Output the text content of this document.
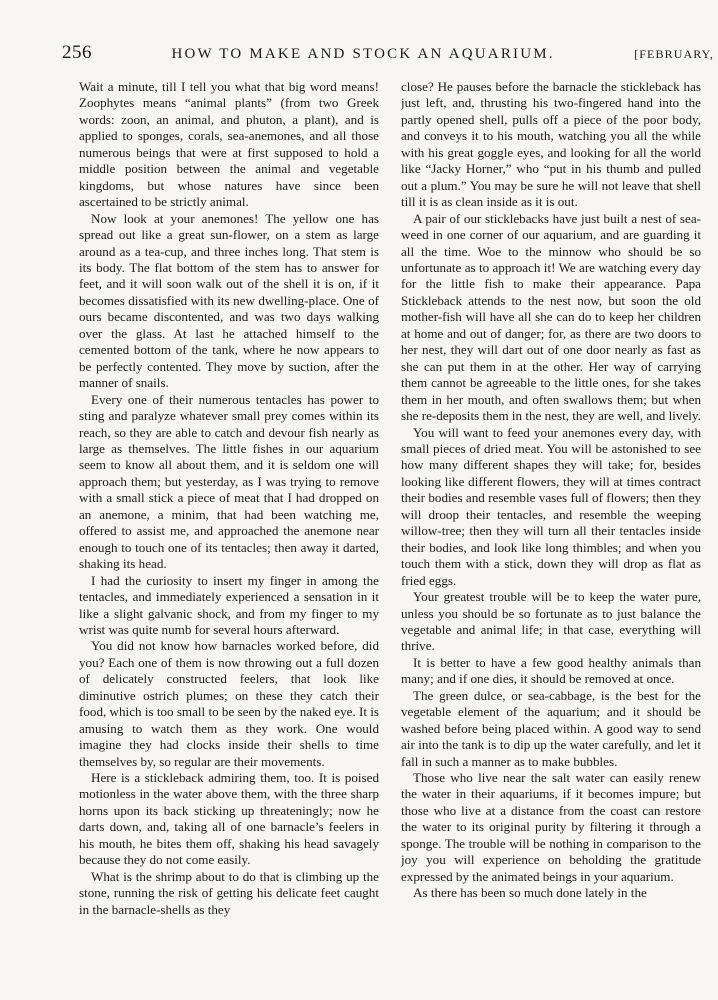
256	HOW TO MAKE AND STOCK AN AQUARIUM.	[FEBRUARY,

Wait a minute, till I tell you what that big word means! Zoophytes means “animal plants” (from two Greek words: zoon, an animal, and phuton, a plant), and is applied to sponges, corals, sea-anemones, and all those numerous beings that were at first supposed to hold a middle position between the animal and vegetable kingdoms, but whose natures have since been ascertained to be strictly animal.

Now look at your anemones! The yellow one has spread out like a great sun-flower, on a stem as large around as a tea-cup, and three inches long. That stem is its body. The flat bottom of the stem has to answer for feet, and it will soon walk out of the shell it is on, if it becomes dissatisfied with its new dwelling-place. One of ours became discontented, and was two days walking over the glass. At last he attached himself to the cemented bottom of the tank, where he now appears to be perfectly contented. They move by suction, after the manner of snails.

Every one of their numerous tentacles has power to sting and paralyze whatever small prey comes within its reach, so they are able to catch and devour fish nearly as large as themselves. The little fishes in our aquarium seem to know all about them, and it is seldom one will approach them; but yesterday, as I was trying to remove with a small stick a piece of meat that I had dropped on an anemone, a minim, that had been watching me, offered to assist me, and approached the anemone near enough to touch one of its tentacles; then away it darted, shaking its head.

I had the curiosity to insert my finger in among the tentacles, and immediately experienced a sensation in it like a slight galvanic shock, and from my finger to my wrist was quite numb for several hours afterward.

You did not know how barnacles worked before, did you? Each one of them is now throwing out a full dozen of delicately constructed feelers, that look like diminutive ostrich plumes; on these they catch their food, which is too small to be seen by the naked eye. It is amusing to watch them as they work. One would imagine they had clocks inside their shells to time themselves by, so regular are their movements.

Here is a stickleback admiring them, too. It is poised motionless in the water above them, with the three sharp horns upon its back sticking up threateningly; now he darts down, and, taking all of one barnacle’s feelers in his mouth, he bites them off, shaking his head savagely because they do not come easily.

What is the shrimp about to do that is climbing up the stone, running the risk of getting his delicate feet caught in the barnacle-shells as they

close? He pauses before the barnacle the stickleback has just left, and, thrusting his two-fingered hand into the partly opened shell, pulls off a piece of the poor body, and conveys it to his mouth, watching you all the while with his great goggle eyes, and looking for all the world like “Jacky Horner,” who “put in his thumb and pulled out a plum.” You may be sure he will not leave that shell till it is as clean inside as it is out.

A pair of our sticklebacks have just built a nest of sea-weed in one corner of our aquarium, and are guarding it all the time. Woe to the minnow who should be so unfortunate as to approach it! We are watching every day for the little fish to make their appearance. Papa Stickleback attends to the nest now, but soon the old mother-fish will have all she can do to keep her children at home and out of danger; for, as there are two doors to her nest, they will dart out of one door nearly as fast as she can put them in at the other. Her way of carrying them cannot be agreeable to the little ones, for she takes them in her mouth, and often swallows them; but when she re-deposits them in the nest, they are well, and lively.

You will want to feed your anemones every day, with small pieces of dried meat. You will be astonished to see how many different shapes they will take; for, besides looking like different flowers, they will at times contract their bodies and resemble vases full of flowers; then they will droop their tentacles, and resemble the weeping willow-tree; then they will turn all their tentacles inside their bodies, and look like long thimbles; and when you touch them with a stick, down they will drop as flat as fried eggs.

Your greatest trouble will be to keep the water pure, unless you should be so fortunate as to just balance the vegetable and animal life; in that case, everything will thrive.

It is better to have a few good healthy animals than many; and if one dies, it should be removed at once.

The green dulce, or sea-cabbage, is the best for the vegetable element of the aquarium; and it should be washed before being placed within. A good way to send air into the tank is to dip up the water carefully, and let it fall in such a manner as to make bubbles.

Those who live near the salt water can easily renew the water in their aquariums, if it becomes impure; but those who live at a distance from the coast can restore the water to its original purity by filtering it through a sponge. The trouble will be nothing in comparison to the joy you will experience on beholding the gratitude expressed by the animated beings in your aquarium.

As there has been so much done lately in the
